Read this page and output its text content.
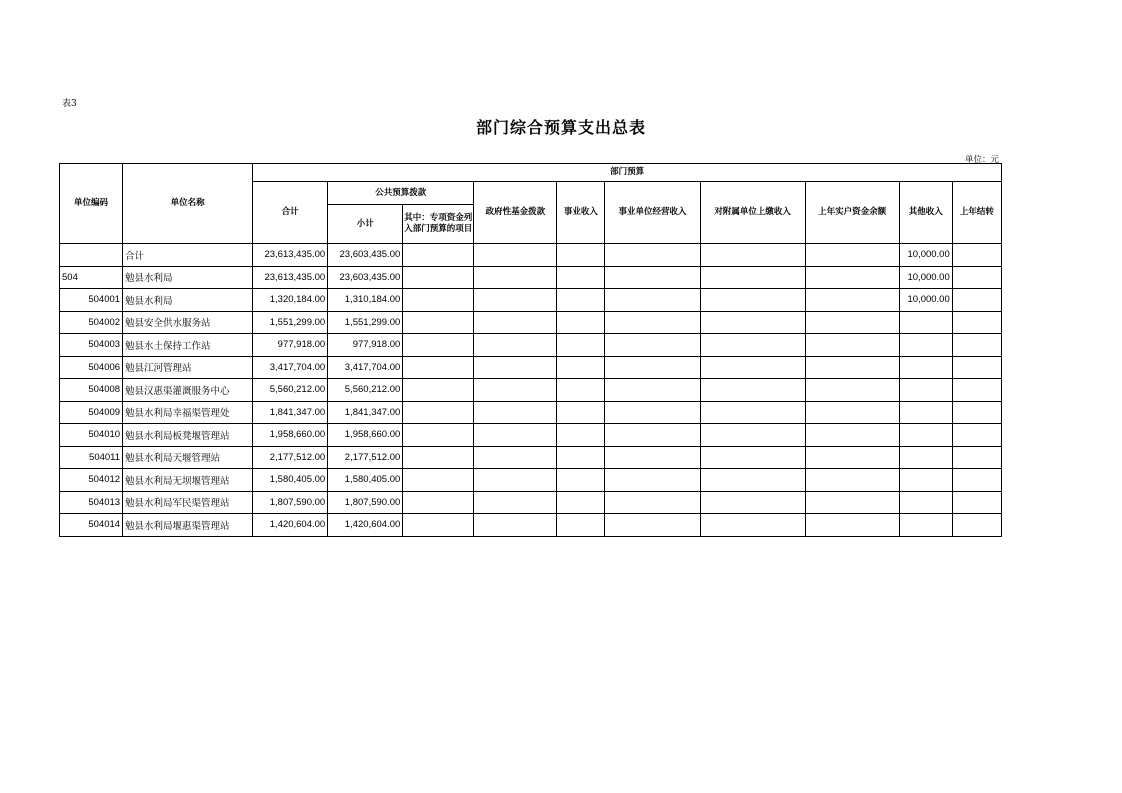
表3
部门综合预算支出总表
单位：元
单位编码	单位名称	部门预算									
		合计	公共预算拨款		政府性基金拨款	事业收入	事业单位经营收入	对附属单位上缴收入	上年实户资金余额	其他收入	上年结转
			小计	其中：专项资金列入部门预算的项目							
	合计	23,613,435.00	23,603,435.00							10,000.00	
504	勉县水利局	23,613,435.00	23,603,435.00							10,000.00	
504001	勉县水利局	1,320,184.00	1,310,184.00							10,000.00	
504002	勉县安全供水服务站	1,551,299.00	1,551,299.00								
504003	勉县水土保持工作站	977,918.00	977,918.00								
504006	勉县江河管理站	3,417,704.00	3,417,704.00								
504008	勉县汉惠渠灌溉服务中心	5,560,212.00	5,560,212.00								
504009	勉县水利局幸福渠管理处	1,841,347.00	1,841,347.00								
504010	勉县水利局板凳堰管理站	1,958,660.00	1,958,660.00								
504011	勉县水利局天堰管理站	2,177,512.00	2,177,512.00								
504012	勉县水利局无坝堰管理站	1,580,405.00	1,580,405.00								
504013	勉县水利局军民渠管理站	1,807,590.00	1,807,590.00								
504014	勉县水利局堰惠渠管理站	1,420,604.00	1,420,604.00								
